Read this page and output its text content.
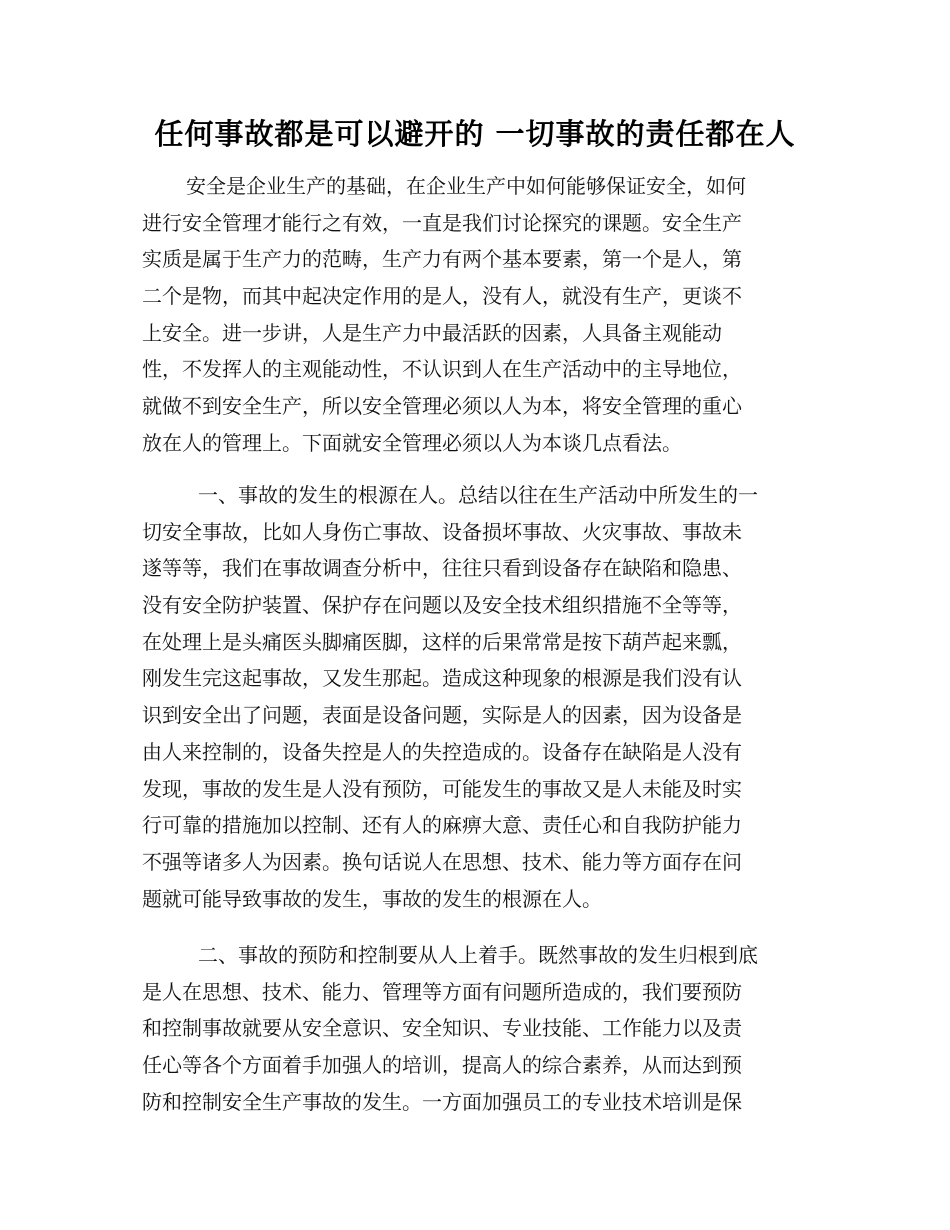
任何事故都是可以避开的 一切事故的责任都在人
安全是企业生产的基础，在企业生产中如何能够保证安全，如何
进行安全管理才能行之有效，一直是我们讨论探究的课题。安全生产
实质是属于生产力的范畴，生产力有两个基本要素，第一个是人，第
二个是物，而其中起决定作用的是人，没有人，就没有生产，更谈不
上安全。进一步讲，人是生产力中最活跃的因素，人具备主观能动
性，不发挥人的主观能动性，不认识到人在生产活动中的主导地位，
就做不到安全生产，所以安全管理必须以人为本，将安全管理的重心
放在人的管理上。下面就安全管理必须以人为本谈几点看法。
一、事故的发生的根源在人。总结以往在生产活动中所发生的一
切安全事故，比如人身伤亡事故、设备损坏事故、火灾事故、事故未
遂等等，我们在事故调查分析中，往往只看到设备存在缺陷和隐患、
没有安全防护装置、保护存在问题以及安全技术组织措施不全等等，
在处理上是头痛医头脚痛医脚，这样的后果常常是按下葫芦起来瓢，
刚发生完这起事故，又发生那起。造成这种现象的根源是我们没有认
识到安全出了问题，表面是设备问题，实际是人的因素，因为设备是
由人来控制的，设备失控是人的失控造成的。设备存在缺陷是人没有
发现，事故的发生是人没有预防，可能发生的事故又是人未能及时实
行可靠的措施加以控制、还有人的麻痹大意、责任心和自我防护能力
不强等诸多人为因素。换句话说人在思想、技术、能力等方面存在问
题就可能导致事故的发生，事故的发生的根源在人。
二、事故的预防和控制要从人上着手。既然事故的发生归根到底
是人在思想、技术、能力、管理等方面有问题所造成的，我们要预防
和控制事故就要从安全意识、安全知识、专业技能、工作能力以及责
任心等各个方面着手加强人的培训，提高人的综合素养，从而达到预
防和控制安全生产事故的发生。一方面加强员工的专业技术培训是保
